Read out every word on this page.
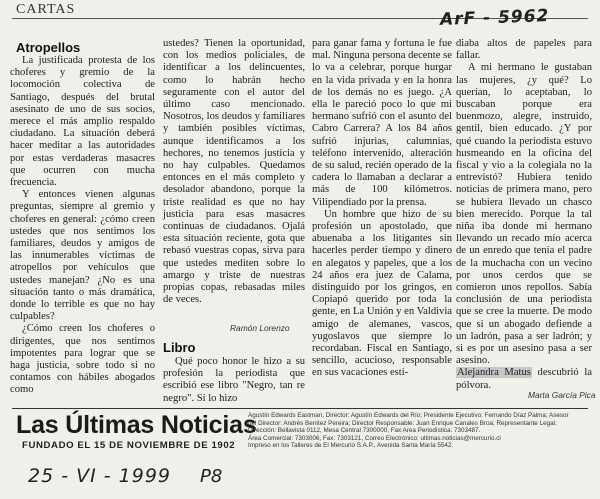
CARTAS	ArF - 5962
Atropellos

La justificada protesta de los choferes y gremio de la locomoción colectiva de Santiago, después del brutal asesinato de uno de sus socios, merece el más amplio respaldo ciudadano. La situación deberá hacer meditar a las autoridades por estas verdaderas masacres que ocurren con mucha frecuencia.

Y entonces vienen algunas preguntas, siempre al gremio y choferes en general: ¿cómo creen ustedes que nos sentimos los familiares, deudos y amigos de las innumerables víctimas de atropellos por vehículos que ustedes manejan? ¿No es una situación tanto o más dramática, donde lo terrible es que no hay culpables?

¿Cómo creen los choferes o dirigentes, que nos sentimos impotentes para lograr que se haga justicia, sobre todo si no contamos con hábiles abogados como

ustedes? Tienen la oportunidad, con los medios policiales, de identificar a los delincuentes, como lo habrán hecho seguramente con el autor del último caso mencionado. Nosotros, los deudos y familiares y también posibles víctimas, aunque identificamos a los hechores, no tenemos justicia y no hay culpables. Quedamos entonces en el más completo y desolador abandono, porque la triste realidad es que no hay justicia para esas masacres continuas de ciudadanos. Ojalá esta situación reciente, gota que rebasó vuestras copas, sirva para que ustedes mediten sobre lo amargo y triste de nuestras propias copas, rebasadas miles de veces.

Ramón Lorenzo
Libro

Qué poco honor le hizo a su profesión la periodista que escribió ese libro "Negro, tan re negro". Si lo hizo

para ganar fama y fortuna le fue mal. Ninguna persona decente se lo va a celebrar, porque hurgar en la vida privada y en la honra de los demás no es juego. ¿A ella le pareció poco lo que mi hermano sufrió con el asunto del Cabro Carrera? A los 84 años sufrió injurias, calumnias, teléfono intervenido, alteración de su salud, recién operado de la cadera lo llamaban a declarar a más de 100 kilómetros. Vilipendiado por la prensa.

Un hombre que hizo de su profesión un apostolado, que abuenaba a los litigantes sin hacerles perder tiempo y dinero en alegatos y papeles, que a los 24 años era juez de Calama, distinguido por los gringos, en Copiapó querido por toda la gente, en La Unión y en Valdivia amigo de alemanes, vascos, yugoslavos que siempre lo recordaban. Fiscal en Santiago, sencillo, acucioso, responsable en sus vacaciones esti-

diaba altos de papeles para fallar.

A mi hermano le gustaban las mujeres, ¿y qué? Lo querían, lo aceptaban, lo buscaban porque era buenmozo, alegre, instruido, gentil, bien educado. ¿Y por qué cuando la periodista estuvo husmeando en la oficina del fiscal y vio a la colegiala no la entrevistó? Hubiera tenido noticias de primera mano, pero se hubiera llevado un chasco bien merecido. Porque la tal niña iba donde mi hermano llevando un recado mío acerca de un enredo que tenía el padre de la muchacha con un vecino por unos cerdos que se comieron unos repollos. Sabía conclusión de una periodista que se cree la muerte. De modo que si un abogado defiende a un ladrón, pasa a ser ladrón; y si es por un asesino pasa a ser asesino.

Alejandra Matus descubrió la pólvora.

Marta García Pica
Las Últimas Noticias
FUNDADO EL 15 DE NOVIEMBRE DE 1902
Agustín Edwards Eastman, Director: Agustín Edwards del Río; Presidente Ejecutivo: Fernando Díaz Palma; Asesor
del Director: Andrés Benítez Pereira; Director Responsable: Juan Enrique Canales Broa; Representante Legal.
Dirección: Bellavista 0112, Mesa Central 7300000, Fax Area Periodística: 7303487.
Área Comercial: 7303006, Fax: 7303121, Correo Electrónico: ultimas.noticias@mercurio.cl
Impreso en los Talleres de El Mercurio S.A.P., Avenida Santa María 5542.
25 - VI - 1999 P8
